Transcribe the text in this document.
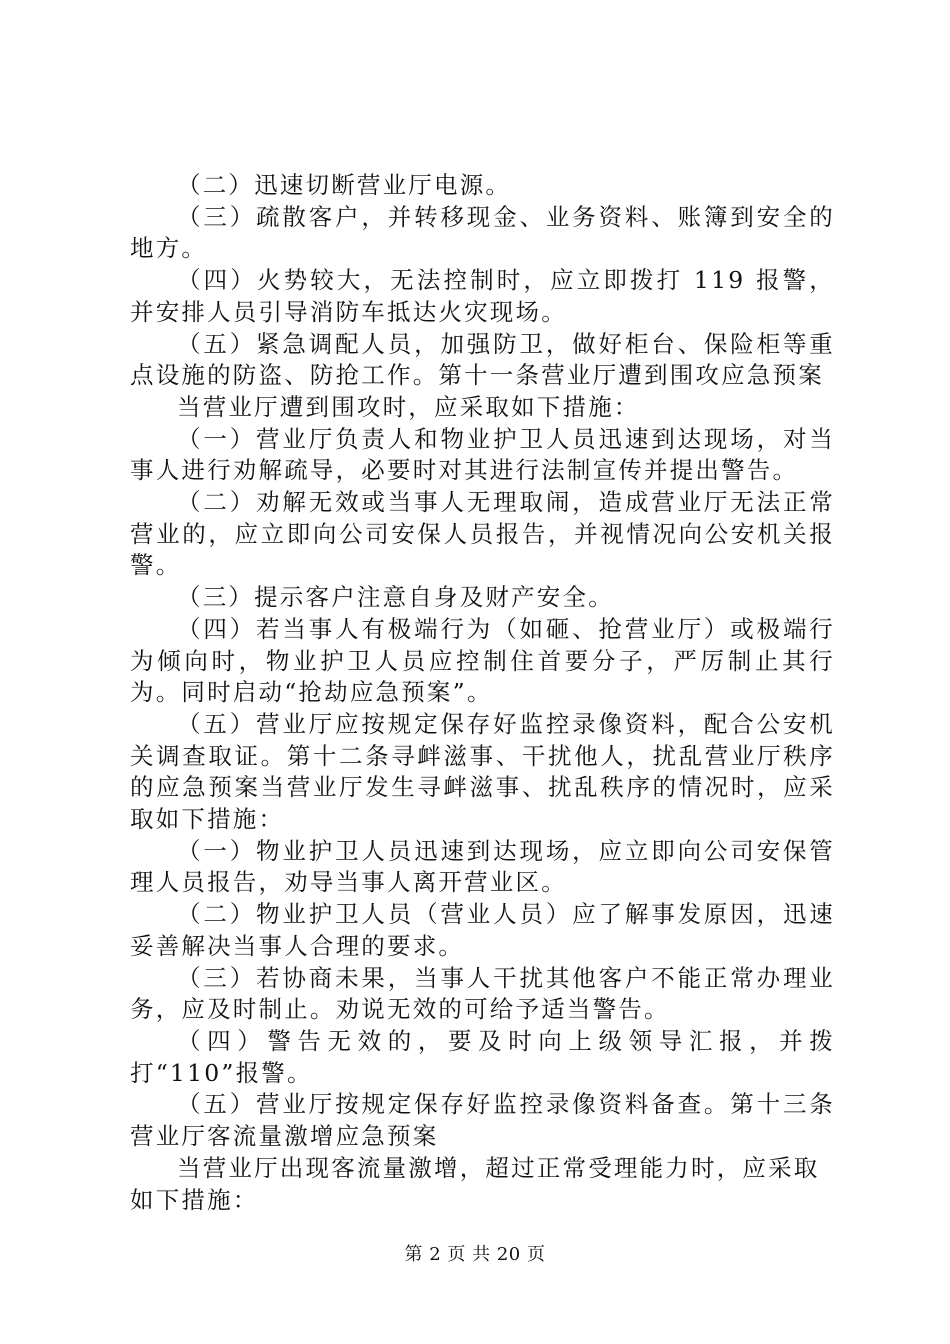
（二）迅速切断营业厅电源。

（三）疏散客户，并转移现金、业务资料、账簿到安全的地方。

（四）火势较大，无法控制时，应立即拨打 119 报警，并安排人员引导消防车抵达火灾现场。

（五）紧急调配人员，加强防卫，做好柜台、保险柜等重点设施的防盗、防抢工作。第十一条营业厅遭到围攻应急预案

当营业厅遭到围攻时，应采取如下措施：

（一）营业厅负责人和物业护卫人员迅速到达现场，对当事人进行劝解疏导，必要时对其进行法制宣传并提出警告。

（二）劝解无效或当事人无理取闹，造成营业厅无法正常营业的，应立即向公司安保人员报告，并视情况向公安机关报警。

（三）提示客户注意自身及财产安全。

（四）若当事人有极端行为（如砸、抢营业厅）或极端行为倾向时，物业护卫人员应控制住首要分子，严厉制止其行为。同时启动“抢劫应急预案”。

（五）营业厅应按规定保存好监控录像资料，配合公安机关调查取证。第十二条寻衅滋事、干扰他人，扰乱营业厅秩序的应急预案当营业厅发生寻衅滋事、扰乱秩序的情况时，应采取如下措施：

（一）物业护卫人员迅速到达现场，应立即向公司安保管理人员报告，劝导当事人离开营业区。

（二）物业护卫人员（营业人员）应了解事发原因，迅速妥善解决当事人合理的要求。

（三）若协商未果，当事人干扰其他客户不能正常办理业务，应及时制止。劝说无效的可给予适当警告。

（四）警告无效的，要及时向上级领导汇报，并拨打“110”报警。

（五）营业厅按规定保存好监控录像资料备查。第十三条营业厅客流量激增应急预案

当营业厅出现客流量激增，超过正常受理能力时，应采取如下措施：

第 2 页 共 20 页
